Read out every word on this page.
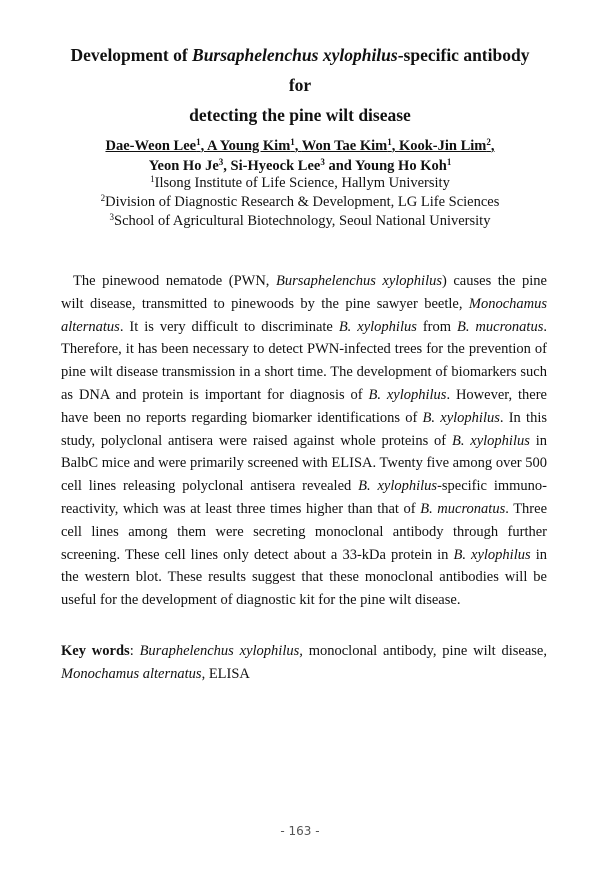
Development of Bursaphelenchus xylophilus-specific antibody for
detecting the pine wilt disease
Dae-Weon Lee$^1$, A Young Kim$^1$, Won Tae Kim$^1$, Kook-Jin Lim$^2$,
Yeon Ho Je$^3$, Si-Hyeock Lee$^3$ and Young Ho Koh$^1$
$^1$Ilsong Institute of Life Science, Hallym University
$^2$Division of Diagnostic Research & Development, LG Life Sciences
$^3$School of Agricultural Biotechnology, Seoul National University

The pinewood nematode (PWN, Bursaphelenchus xylophilus) causes the pine wilt disease, transmitted to pinewoods by the pine sawyer beetle, Monochamus alternatus. It is very difficult to discriminate B. xylophilus from B. mucronatus. Therefore, it has been necessary to detect PWN-infected trees for the prevention of pine wilt disease transmission in a short time. The development of biomarkers such as DNA and protein is important for diagnosis of B. xylophilus. However, there have been no reports regarding biomarker identifications of B. xylophilus. In this study, polyclonal antisera were raised against whole proteins of B. xylophilus in BalbC mice and were primarily screened with ELISA. Twenty five among over 500 cell lines releasing polyclonal antisera revealed B. xylophilus-specific immuno-reactivity, which was at least three times higher than that of B. mucronatus. Three cell lines among them were secreting monoclonal antibody through further screening. These cell lines only detect about a 33-kDa protein in B. xylophilus in the western blot. These results suggest that these monoclonal antibodies will be useful for the development of diagnostic kit for the pine wilt disease.

Key words: Buraphelenchus xylophilus, monoclonal antibody, pine wilt disease, Monochamus alternatus, ELISA
- 163 -
